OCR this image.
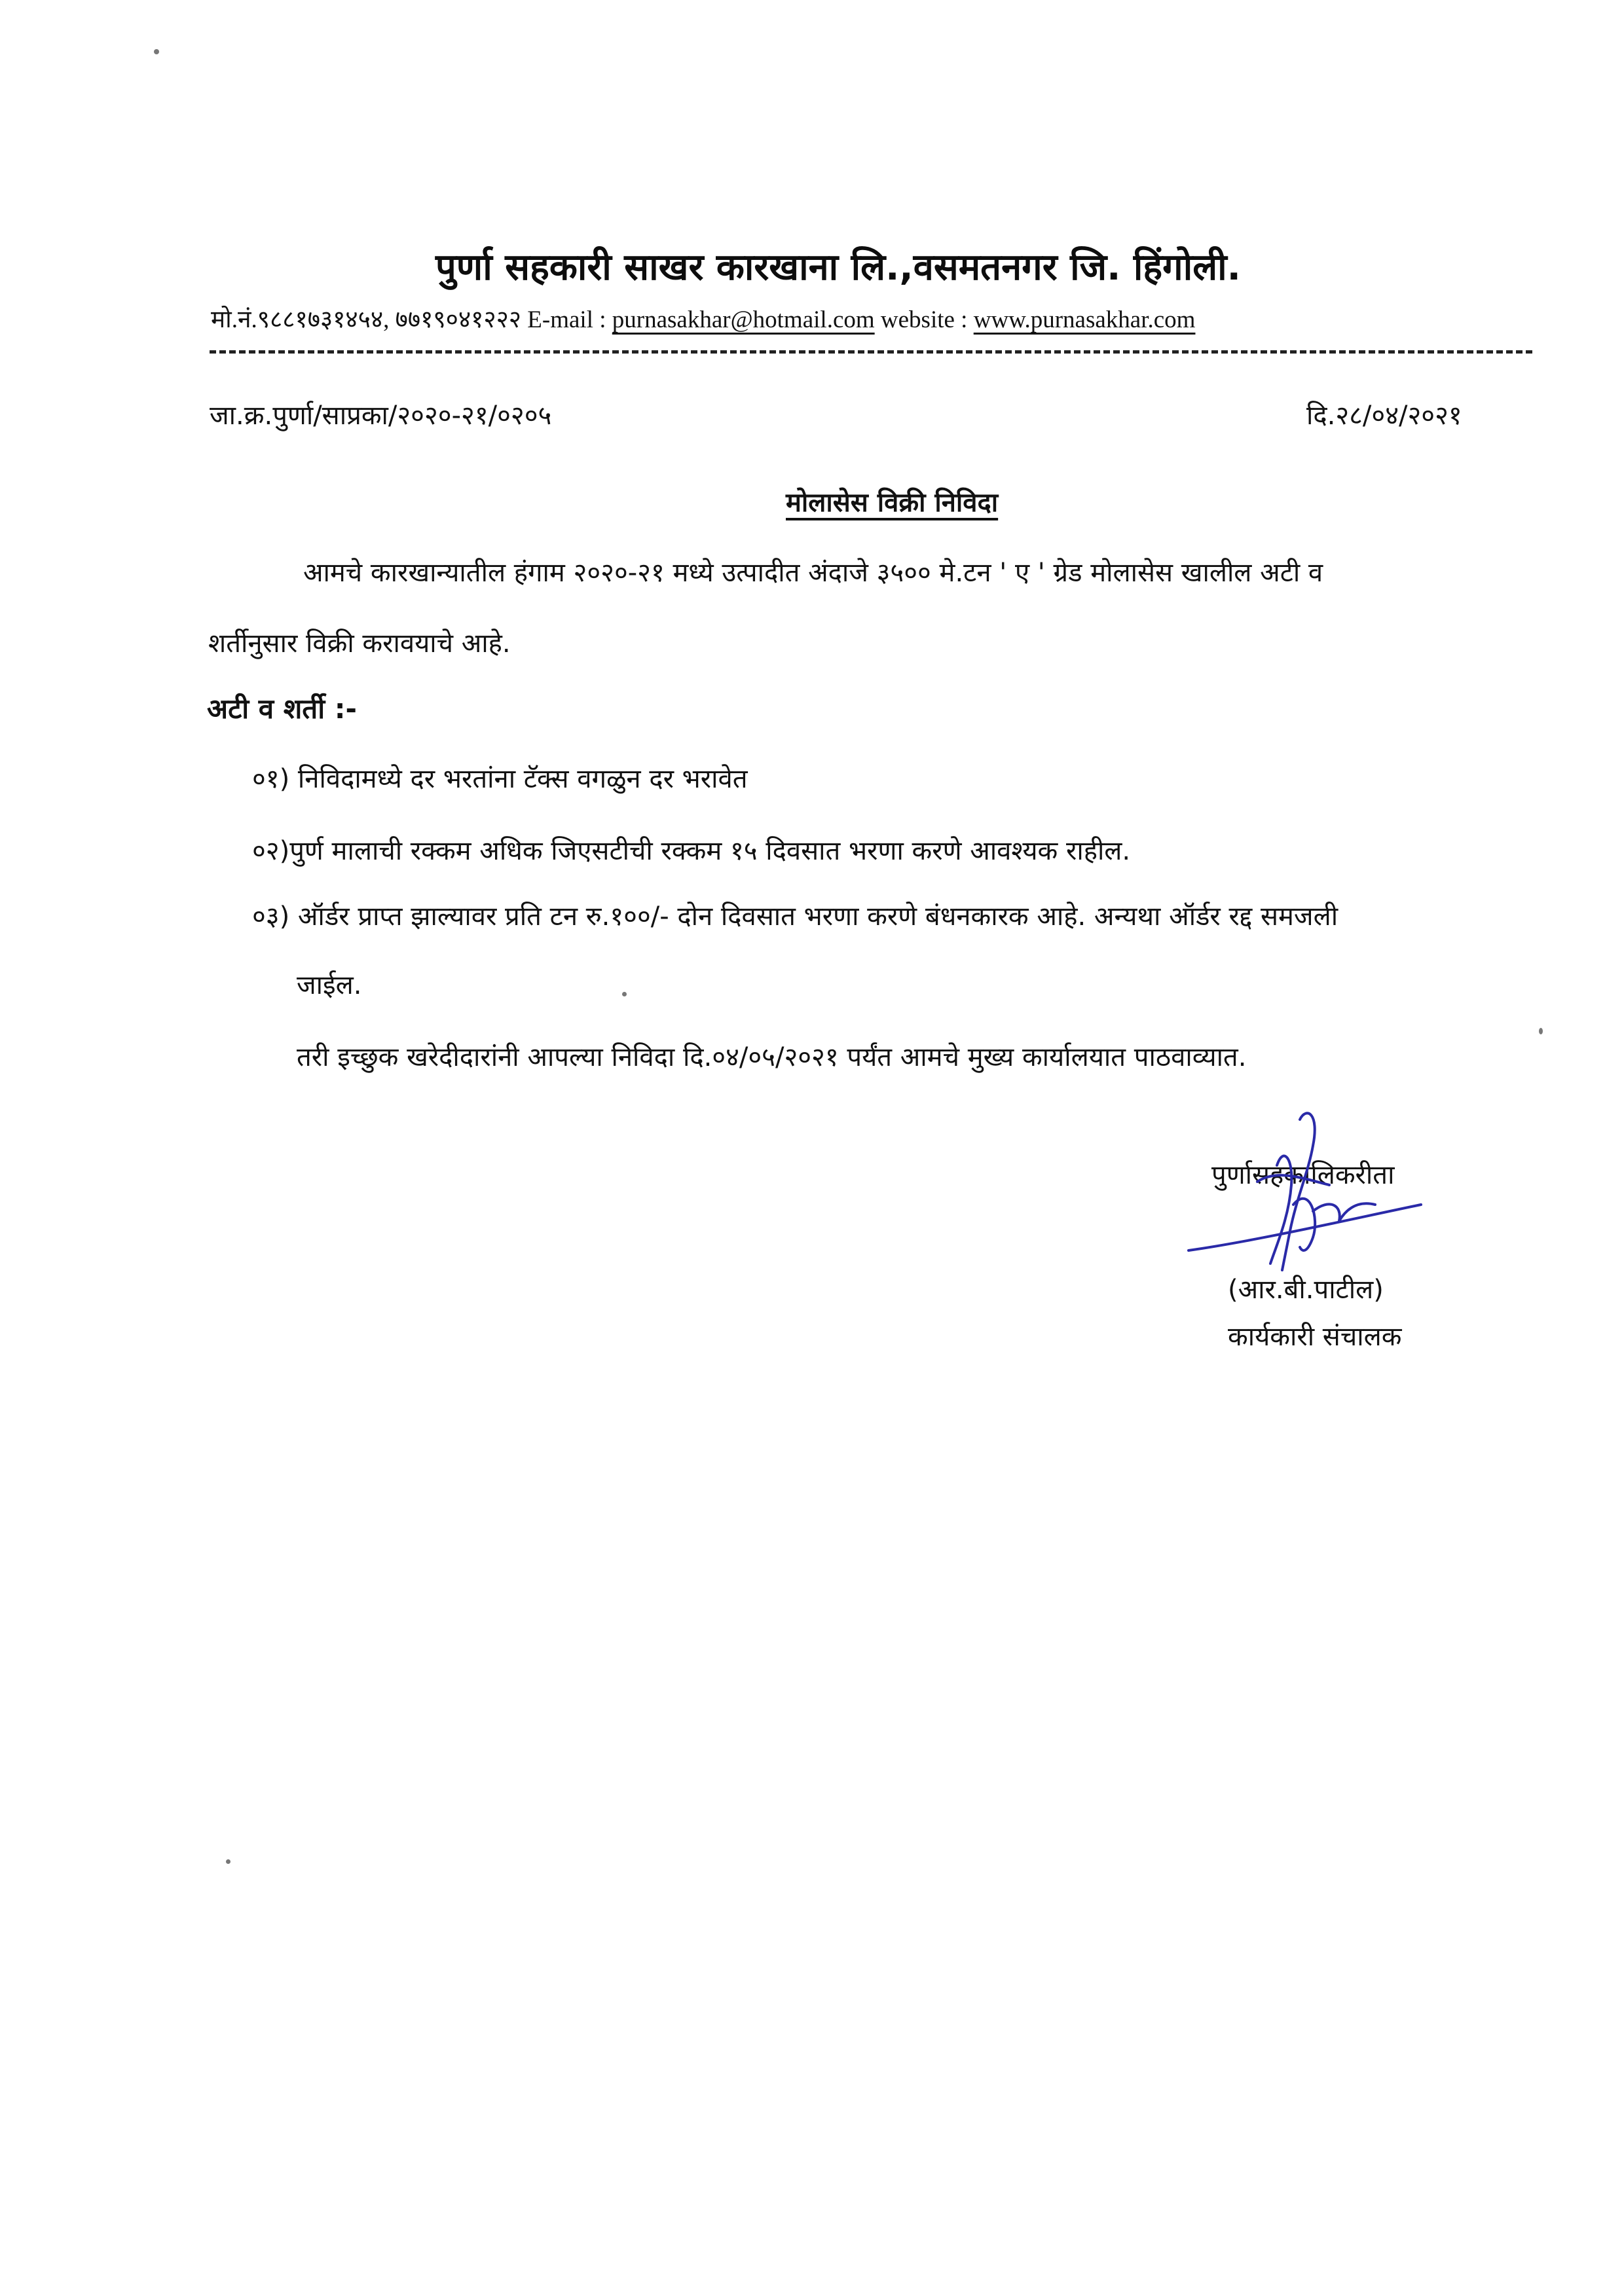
पुर्णा सहकारी साखर कारखाना लि.,वसमतनगर जि. हिंगोली.
मो.नं.९८८१७३१४५४, ७७१९०४१२२२ E-mail : purnasakhar@hotmail.com website : www.purnasakhar.com
जा.क्र.पुर्णा/साप्रका/२०२०-२१/०२०५	दि.२८/०४/२०२१
मोलासेस विक्री निविदा
आमचे कारखान्यातील हंगाम २०२०-२१ मध्ये उत्पादीत अंदाजे ३५०० मे.टन ' ए ' ग्रेड मोलासेस खालील अटी व
शर्तीनुसार विक्री करावयाचे आहे.
अटी व शर्ती :-
०१) निविदामध्ये दर भरतांना टॅक्स वगळुन दर भरावेत
०२)पुर्ण मालाची रक्कम अधिक जिएसटीची रक्कम १५ दिवसात भरणा करणे आवश्यक राहील.
०३) ऑर्डर प्राप्त झाल्यावर प्रति टन रु.१००/- दोन दिवसात भरणा करणे बंधनकारक आहे. अन्यथा ऑर्डर रद्द समजली
जाईल.
तरी इच्छुक खरेदीदारांनी आपल्या निविदा दि.०४/०५/२०२१ पर्यंत आमचे मुख्य कार्यालयात पाठवाव्यात.
पुर्णासहकालिकरीता
(आर.बी.पाटील)
कार्यकारी संचालक
